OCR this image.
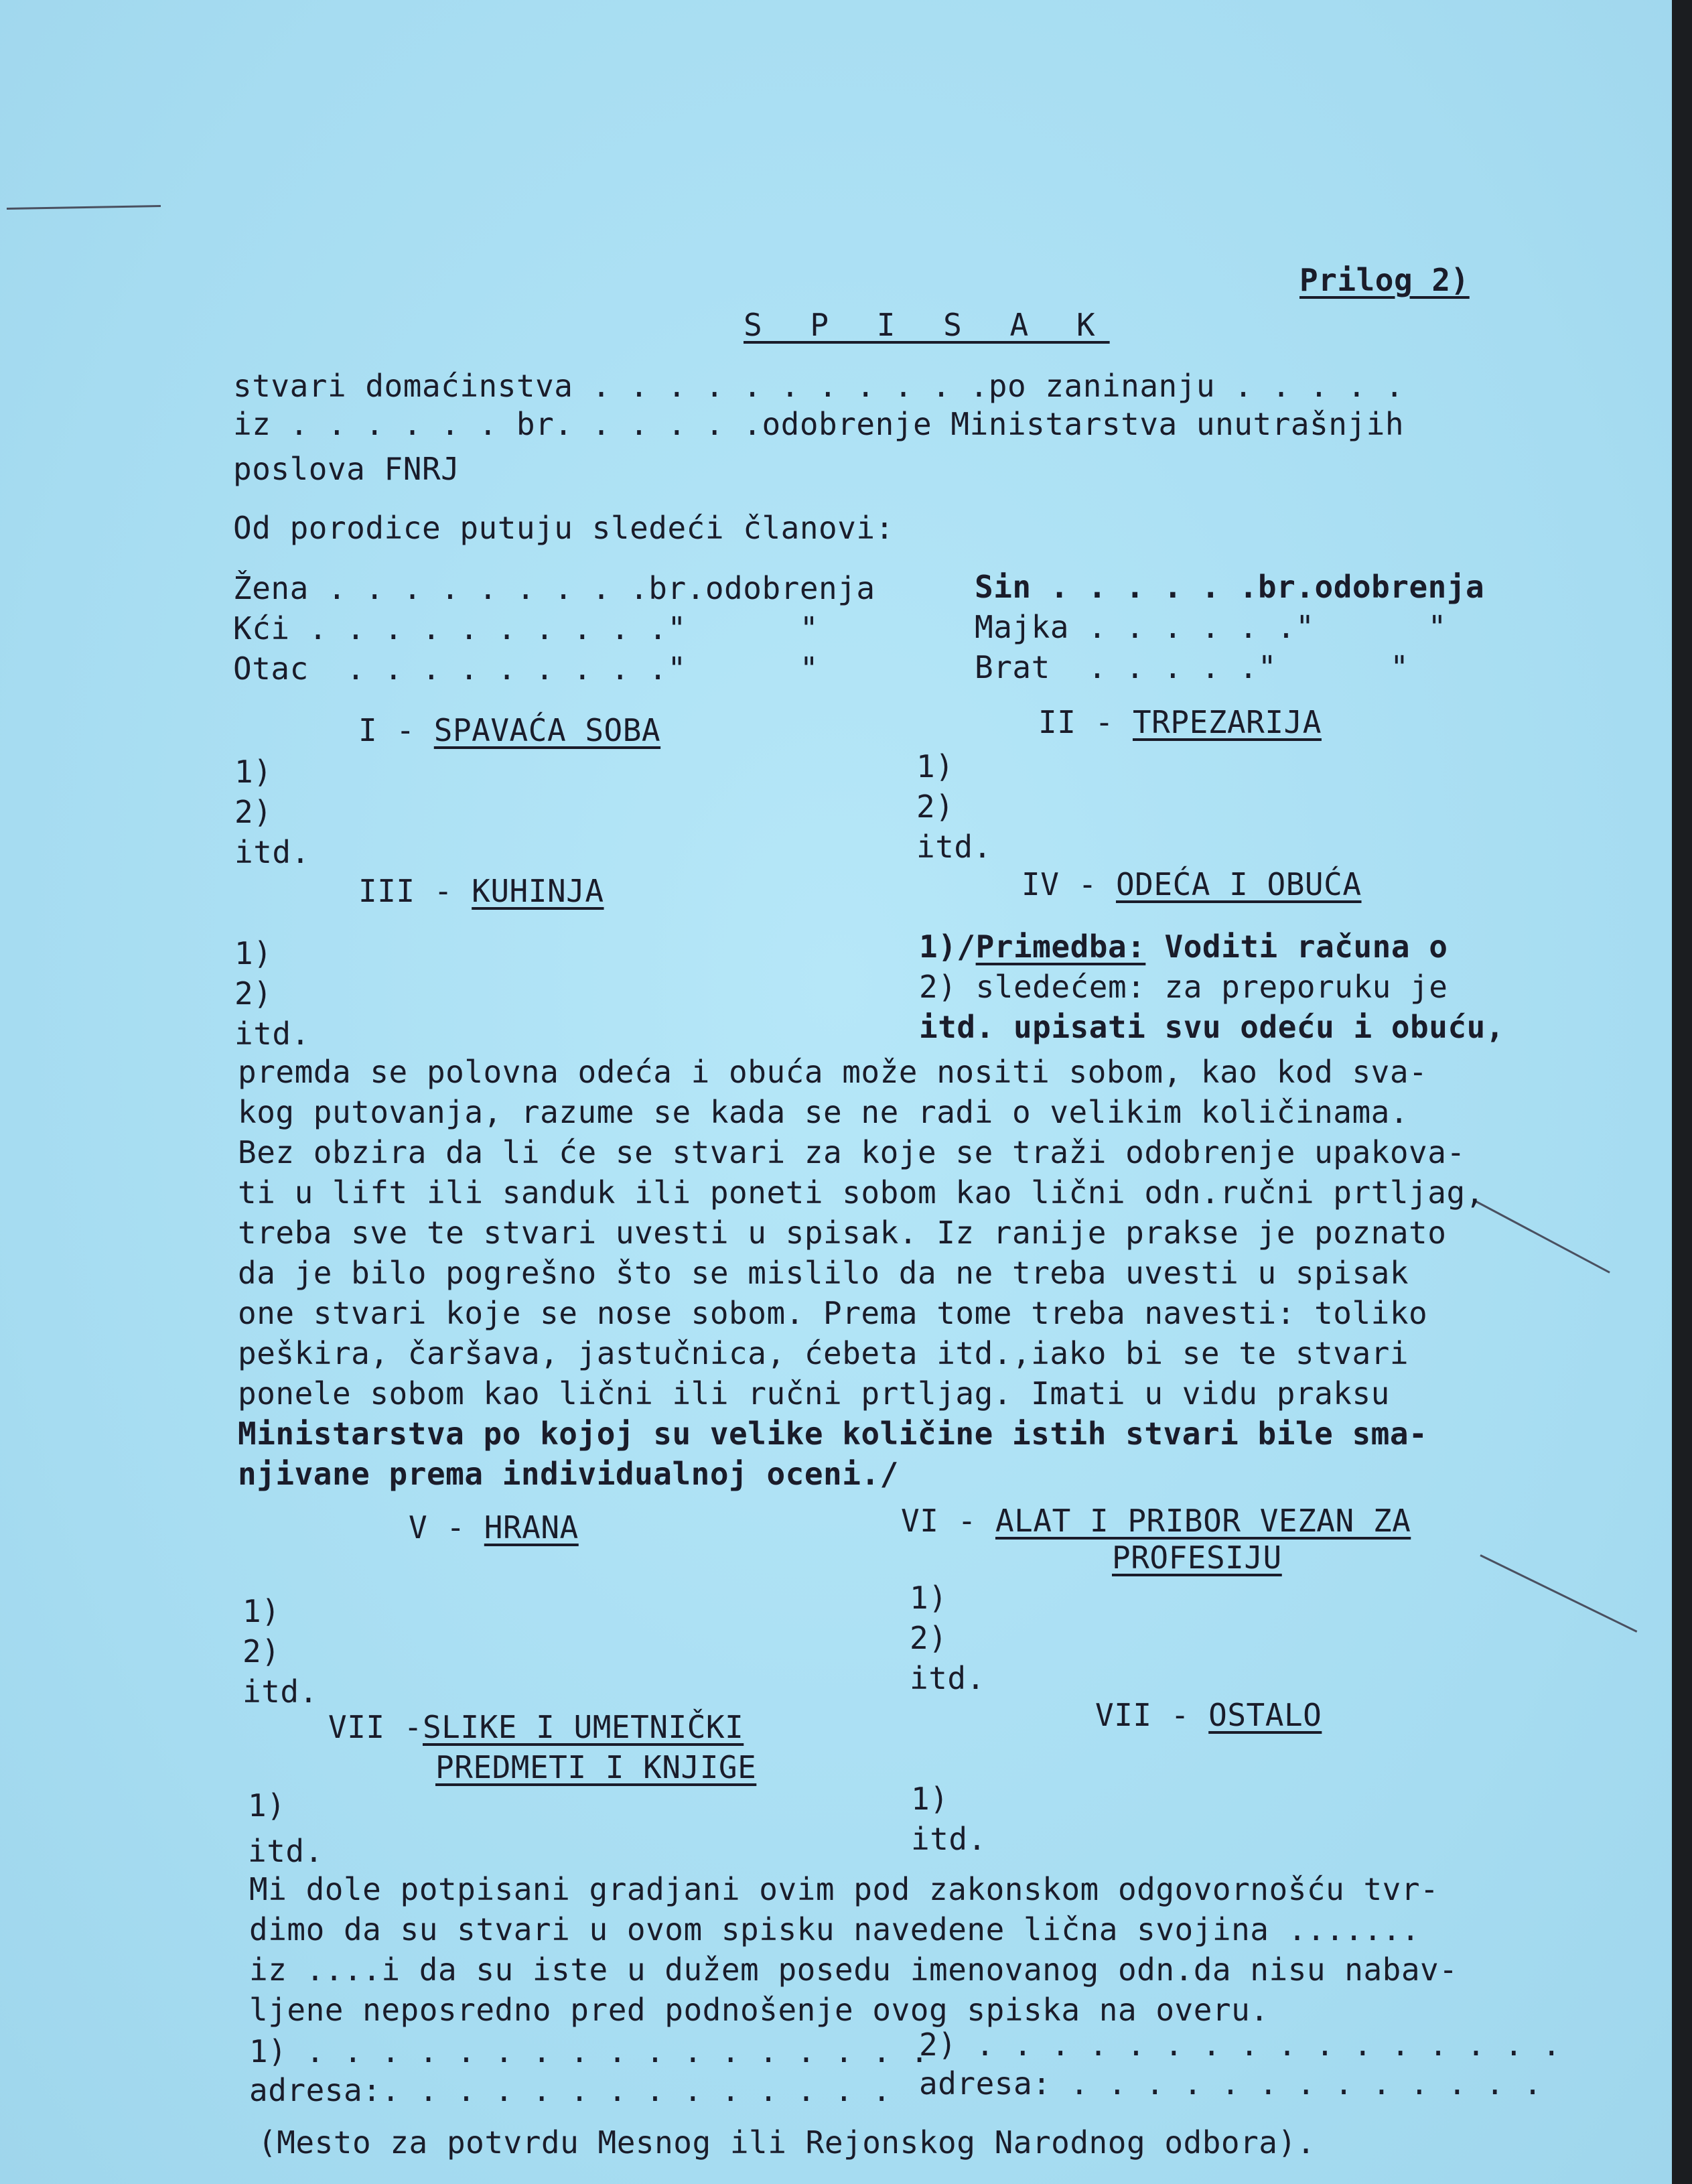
Prilog 2)
S P I S A K
stvari domaćinstva . . . . . . . . . . .po zaninanju . . . . .
iz . . . . . . br. . . . . .odobrenje Ministarstva unutrašnjih
poslova FNRJ
Od porodice putuju sledeći članovi:
Žena . . . . . . . . .br.odobrenja
Kći . . . . . . . . . ."      "
Otac  . . . . . . . . ."      "
Sin . . . . . .br.odobrenja
Majka . . . . . ."      "
Brat  . . . . ."      "
I - SPAVAĆA SOBA	II - TRPEZARIJA
1)
2)
itd.
1)
2)
itd.
III - KUHINJA	IV - ODEĆA I OBUĆA
1)
2)
itd.
1)/Primedba: Voditi računa o
2) sledećem: za preporuku je
itd. upisati svu odeću i obuću,
premda se polovna odeća i obuća može nositi sobom, kao kod sva-
kog putovanja, razume se kada se ne radi o velikim količinama.
Bez obzira da li će se stvari za koje se traži odobrenje upakova-
ti u lift ili sanduk ili poneti sobom kao lični odn.ručni prtljag,
treba sve te stvari uvesti u spisak. Iz ranije prakse je poznato
da je bilo pogrešno što se mislilo da ne treba uvesti u spisak
one stvari koje se nose sobom. Prema tome treba navesti: toliko
peškira, čaršava, jastučnica, ćebeta itd.,iako bi se te stvari
ponele sobom kao lični ili ručni prtljag. Imati u vidu praksu
Ministarstva po kojoj su velike količine istih stvari bile sma-
njivane prema individualnoj oceni./
V - HRANA	VI - ALAT I PRIBOR VEZAN ZA
PROFESIJU
1)
2)
itd.
1)
2)
itd.
VII -SLIKE I UMETNIČKI
PREDMETI I KNJIGE
VII - OSTALO
1)
itd.
1)
itd.
Mi dole potpisani gradjani ovim pod zakonskom odgovornošću tvr-
dimo da su stvari u ovom spisku navedene lična svojina .......
iz ....i da su iste u dužem posedu imenovanog odn.da nisu nabav-
ljene neposredno pred podnošenje ovog spiska na overu.
1) . . . . . . . . . . . . . . . . .
2) . . . . . . . . . . . . . . . .
adresa:. . . . . . . . . . . . . . adresa: . . . . . . . . . . . . .
(Mesto za potvrdu Mesnog ili Rejonskog Narodnog odbora).
